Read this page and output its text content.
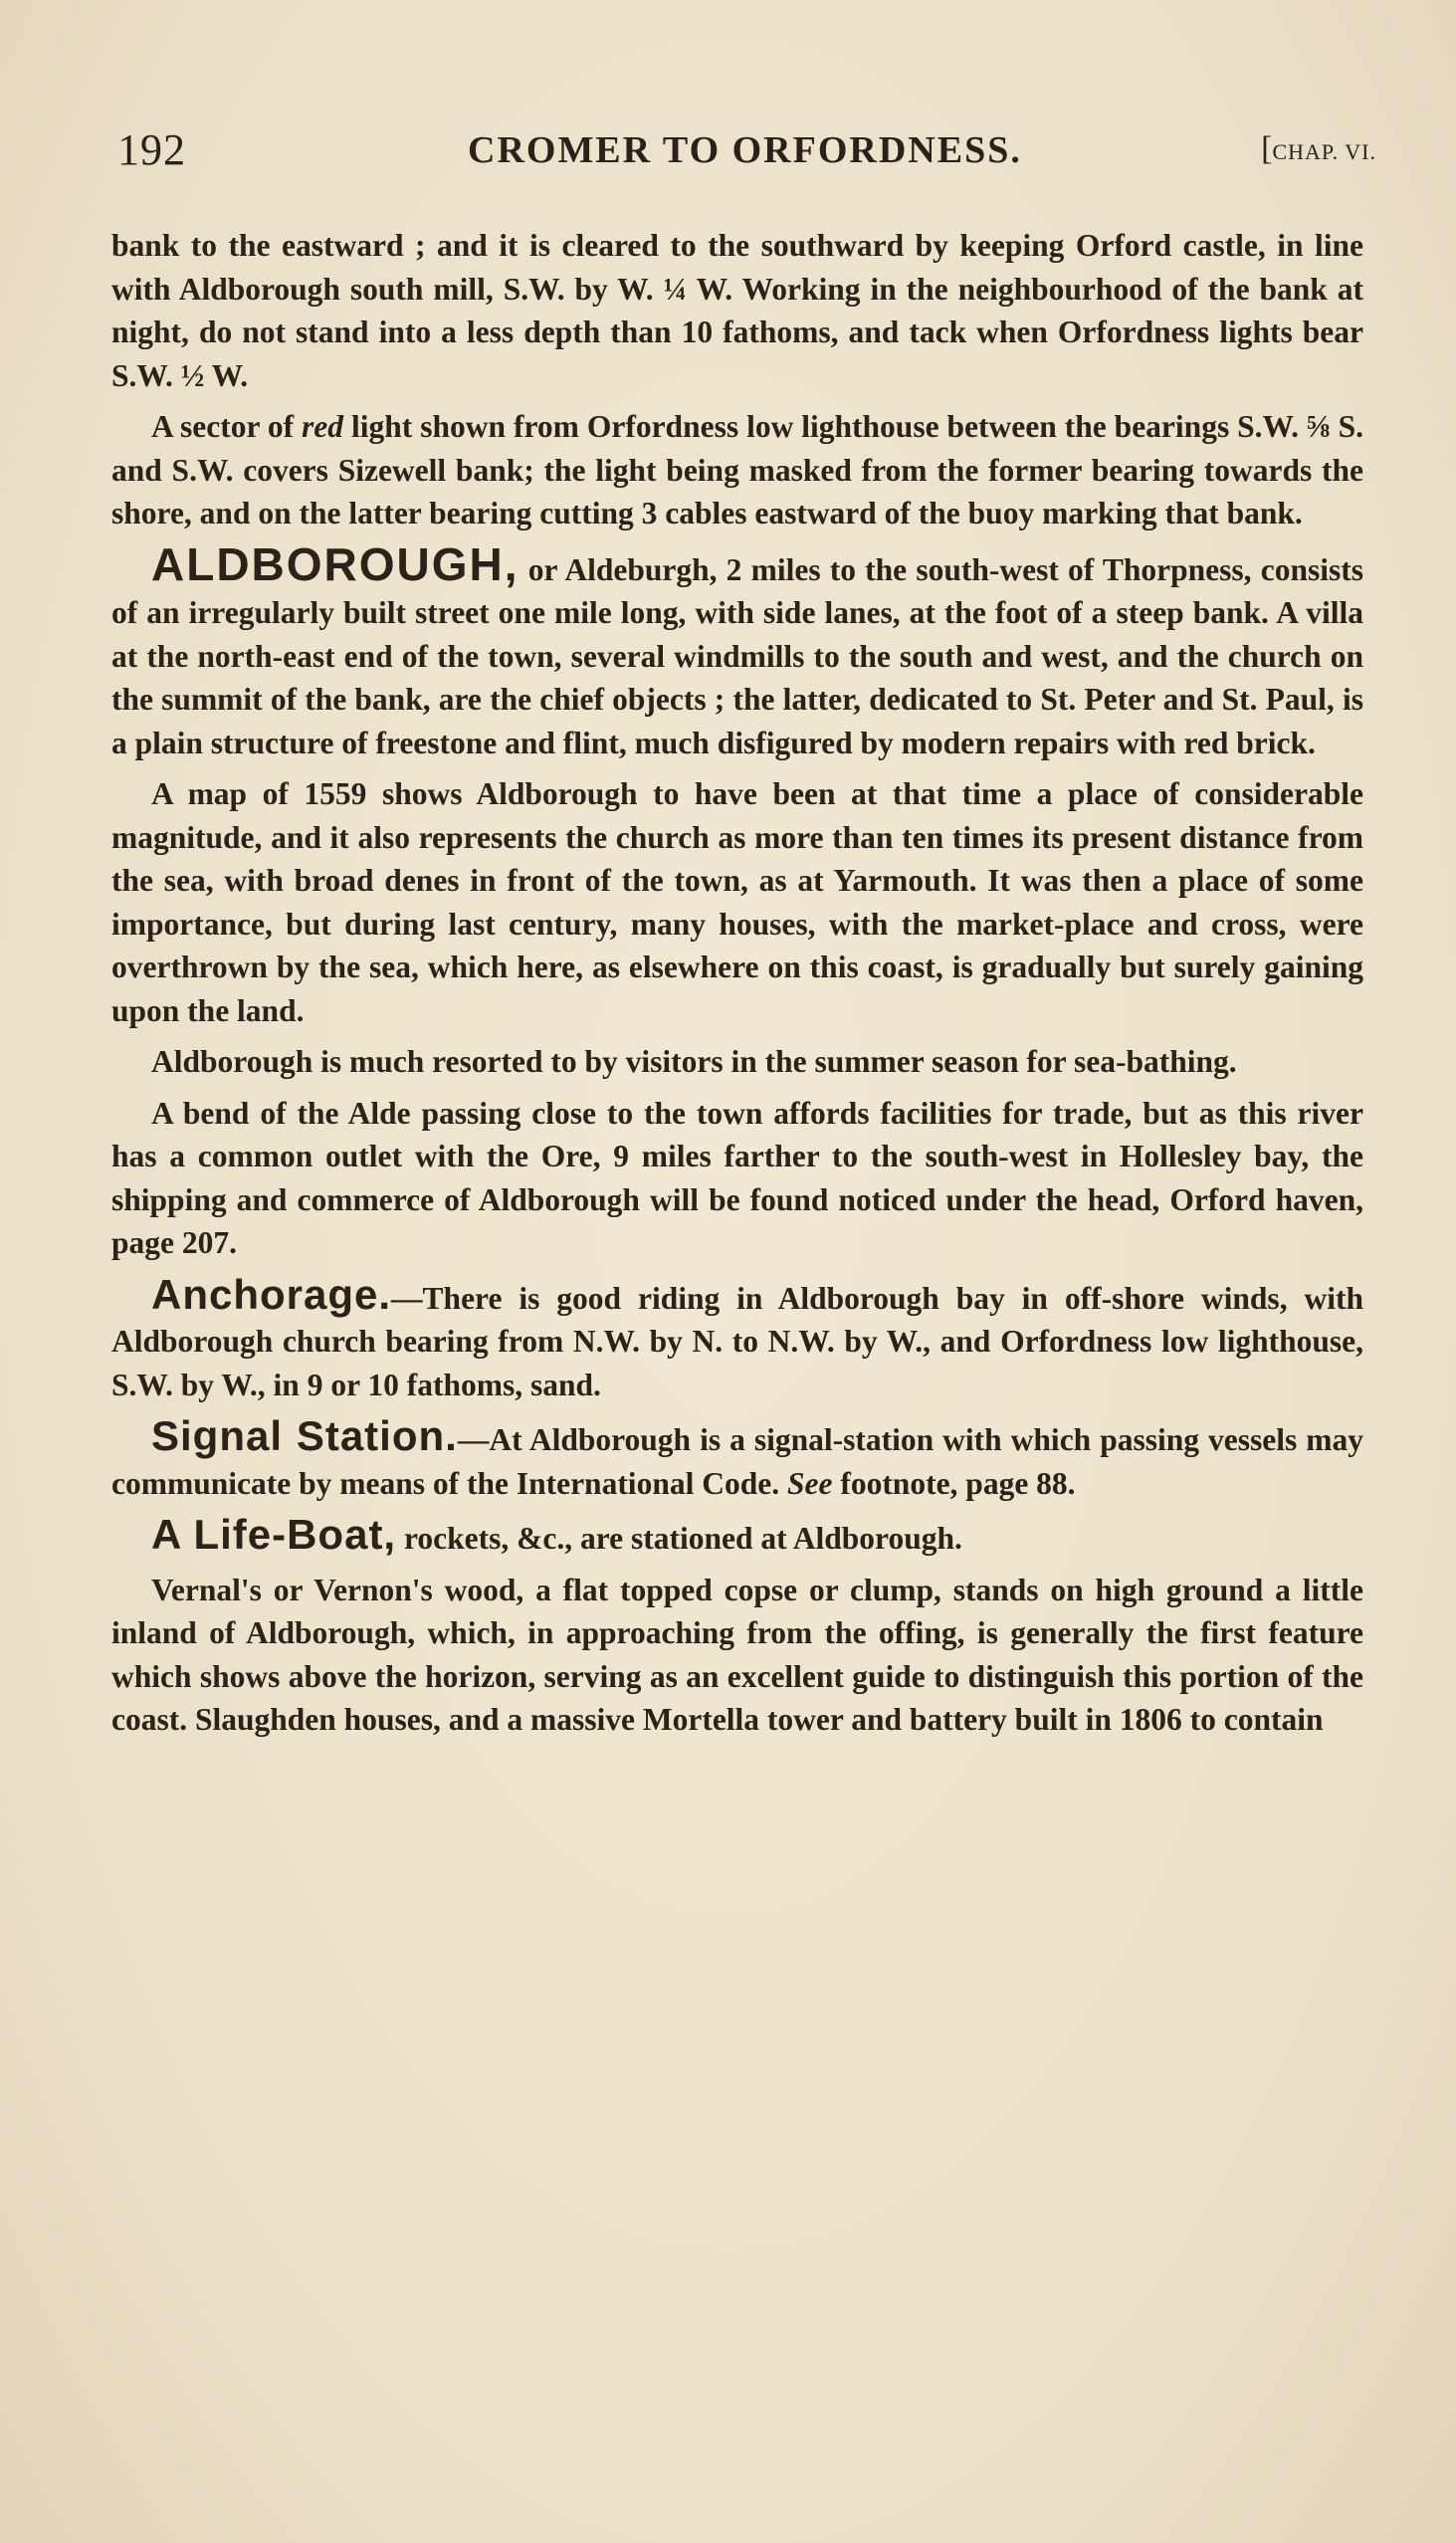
192	CROMER TO ORFORDNESS.	[CHAP. VI.

bank to the eastward ; and it is cleared to the southward by keeping Orford castle, in line with Aldborough south mill, S.W. by W. ¼ W. Working in the neighbourhood of the bank at night, do not stand into a less depth than 10 fathoms, and tack when Orfordness lights bear S.W. ½ W.

A sector of red light shown from Orfordness low lighthouse between the bearings S.W. ⅝ S. and S.W. covers Sizewell bank; the light being masked from the former bearing towards the shore, and on the latter bearing cutting 3 cables eastward of the buoy marking that bank.

ALDBOROUGH, or Aldeburgh, 2 miles to the south-west of Thorpness, consists of an irregularly built street one mile long, with side lanes, at the foot of a steep bank. A villa at the north-east end of the town, several windmills to the south and west, and the church on the summit of the bank, are the chief objects ; the latter, dedicated to St. Peter and St. Paul, is a plain structure of freestone and flint, much disfigured by modern repairs with red brick.

A map of 1559 shows Aldborough to have been at that time a place of considerable magnitude, and it also represents the church as more than ten times its present distance from the sea, with broad denes in front of the town, as at Yarmouth. It was then a place of some importance, but during last century, many houses, with the market-place and cross, were overthrown by the sea, which here, as elsewhere on this coast, is gradually but surely gaining upon the land.

Aldborough is much resorted to by visitors in the summer season for sea-bathing.

A bend of the Alde passing close to the town affords facilities for trade, but as this river has a common outlet with the Ore, 9 miles farther to the south-west in Hollesley bay, the shipping and commerce of Aldborough will be found noticed under the head, Orford haven, page 207.

Anchorage.—There is good riding in Aldborough bay in off-shore winds, with Aldborough church bearing from N.W. by N. to N.W. by W., and Orfordness low lighthouse, S.W. by W., in 9 or 10 fathoms, sand.

Signal Station.—At Aldborough is a signal-station with which passing vessels may communicate by means of the International Code. See footnote, page 88.

A Life-Boat, rockets, &c., are stationed at Aldborough.

Vernal's or Vernon's wood, a flat topped copse or clump, stands on high ground a little inland of Aldborough, which, in approaching from the offing, is generally the first feature which shows above the horizon, serving as an excellent guide to distinguish this portion of the coast. Slaughden houses, and a massive Mortella tower and battery built in 1806 to contain
